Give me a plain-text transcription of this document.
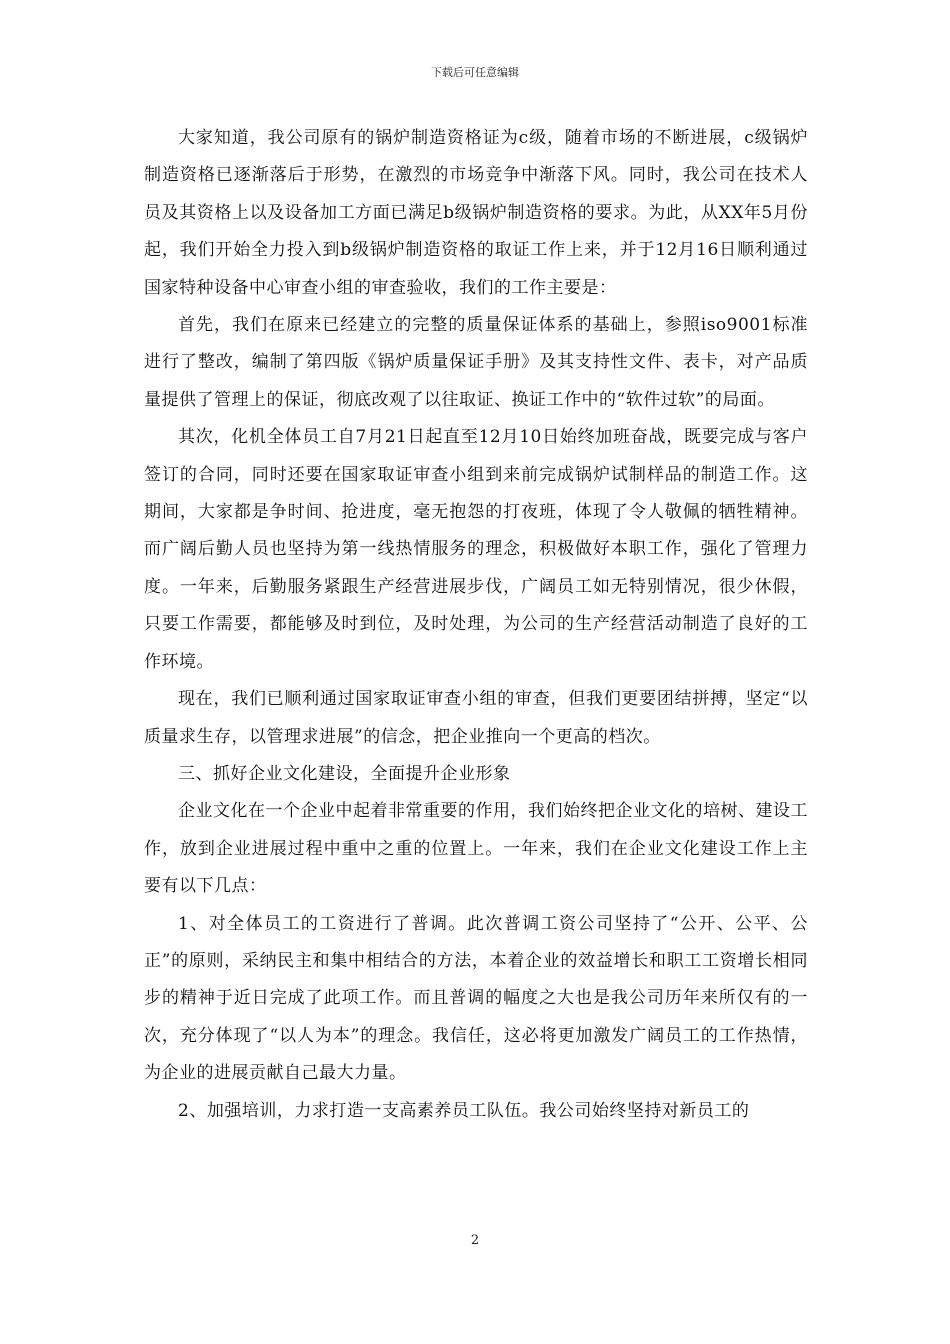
下载后可任意编辑

大家知道，我公司原有的锅炉制造资格证为c级，随着市场的不断进展，c级锅炉制造资格已逐渐落后于形势，在激烈的市场竞争中渐落下风。同时，我公司在技术人员及其资格上以及设备加工方面已满足b级锅炉制造资格的要求。为此，从XX年5月份起，我们开始全力投入到b级锅炉制造资格的取证工作上来，并于12月16日顺利通过国家特种设备中心审查小组的审查验收，我们的工作主要是：

首先，我们在原来已经建立的完整的质量保证体系的基础上，参照iso9001标准进行了整改，编制了第四版《锅炉质量保证手册》及其支持性文件、表卡，对产品质量提供了管理上的保证，彻底改观了以往取证、换证工作中的“软件过软”的局面。

其次，化机全体员工自7月21日起直至12月10日始终加班奋战，既要完成与客户签订的合同，同时还要在国家取证审查小组到来前完成锅炉试制样品的制造工作。这期间，大家都是争时间、抢进度，毫无抱怨的打夜班，体现了令人敬佩的牺牲精神。而广阔后勤人员也坚持为第一线热情服务的理念，积极做好本职工作，强化了管理力度。一年来，后勤服务紧跟生产经营进展步伐，广阔员工如无特别情况，很少休假，只要工作需要，都能够及时到位，及时处理，为公司的生产经营活动制造了良好的工作环境。

现在，我们已顺利通过国家取证审查小组的审查，但我们更要团结拼搏，坚定“以质量求生存，以管理求进展”的信念，把企业推向一个更高的档次。

三、抓好企业文化建设，全面提升企业形象

企业文化在一个企业中起着非常重要的作用，我们始终把企业文化的培树、建设工作，放到企业进展过程中重中之重的位置上。一年来，我们在企业文化建设工作上主要有以下几点：

1、对全体员工的工资进行了普调。此次普调工资公司坚持了“公开、公平、公正”的原则，采纳民主和集中相结合的方法，本着企业的效益增长和职工工资增长相同步的精神于近日完成了此项工作。而且普调的幅度之大也是我公司历年来所仅有的一次，充分体现了“以人为本”的理念。我信任，这必将更加激发广阔员工的工作热情，为企业的进展贡献自己最大力量。

2、加强培训，力求打造一支高素养员工队伍。我公司始终坚持对新员工的

2
